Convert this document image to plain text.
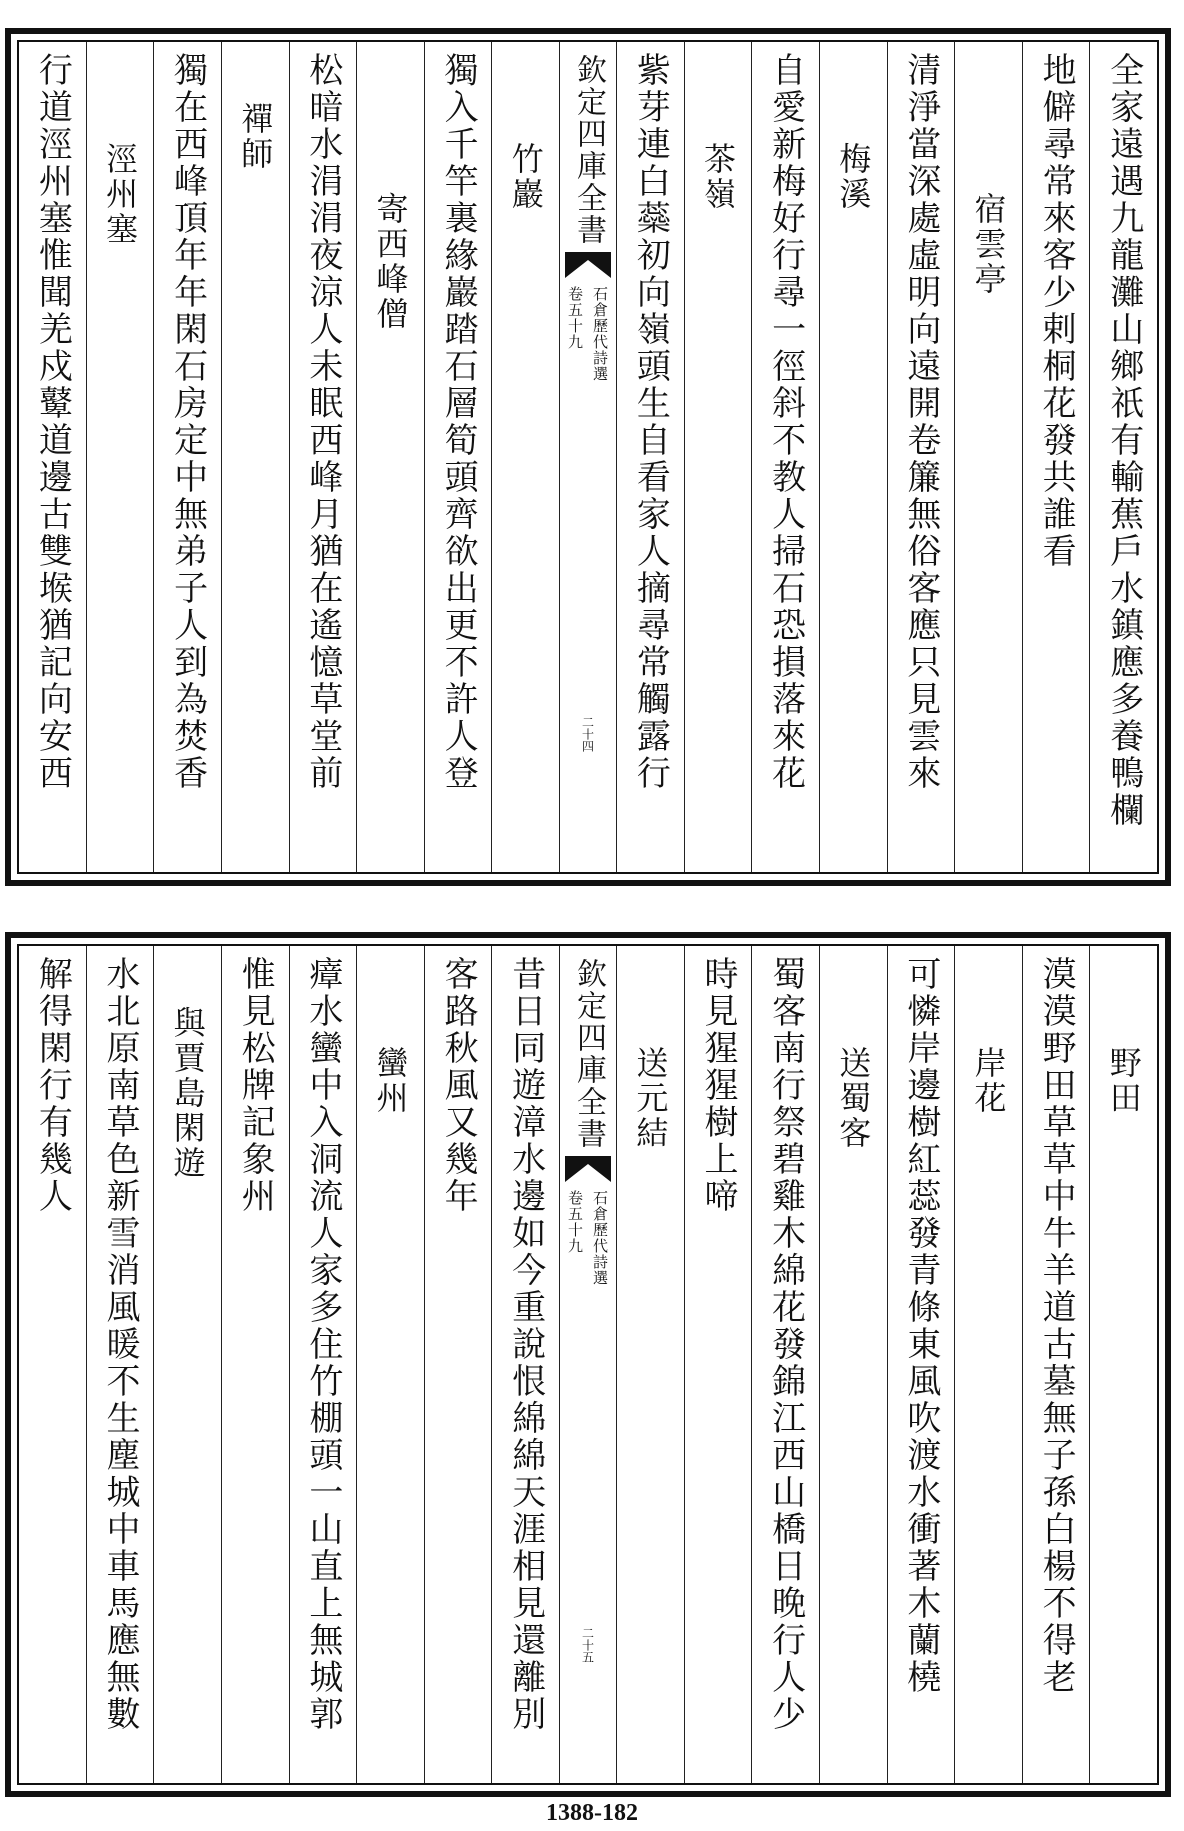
全家遠遇九龍灘山鄉祇有輸蕉戶水鎮應多養鴨欄
地僻尋常來客少剌桐花發共誰看
宿雲亭
清淨當深處虛明向遠開卷簾無俗客應只見雲來
梅溪
自愛新梅好行尋一徑斜不教人掃石恐損落來花
茶嶺
紫芽連白蘂初向嶺頭生自看家人摘尋常觸露行
欽定四庫全書
石倉歷代詩選
卷五十九
二十四
竹巖
獨入千竿裏緣巖踏石層筍頭齊欲出更不許人登
寄西峰僧
松暗水涓涓夜涼人未眠西峰月猶在遙憶草堂前
禪師
獨在西峰頂年年閑石房定中無弟子人到為焚香
涇州塞
行道涇州塞惟聞羌戍鼙道邊古雙堠猶記向安西
野田
漠漠野田草草中牛羊道古墓無子孫白楊不得老
岸花
可憐岸邊樹紅蕊發青條東風吹渡水衝著木蘭橈
送蜀客
蜀客南行祭碧雞木綿花發錦江西山橋日晚行人少
時見猩猩樹上啼
送元結
欽定四庫全書
石倉歷代詩選
卷五十九
二十五
昔日同遊漳水邊如今重說恨綿綿天涯相見還離別
客路秋風又幾年
蠻州
瘴水蠻中入洞流人家多住竹棚頭一山直上無城郭
惟見松牌記象州
與賈島閑遊
水北原南草色新雪消風暖不生塵城中車馬應無數
解得閑行有幾人
1388-182
